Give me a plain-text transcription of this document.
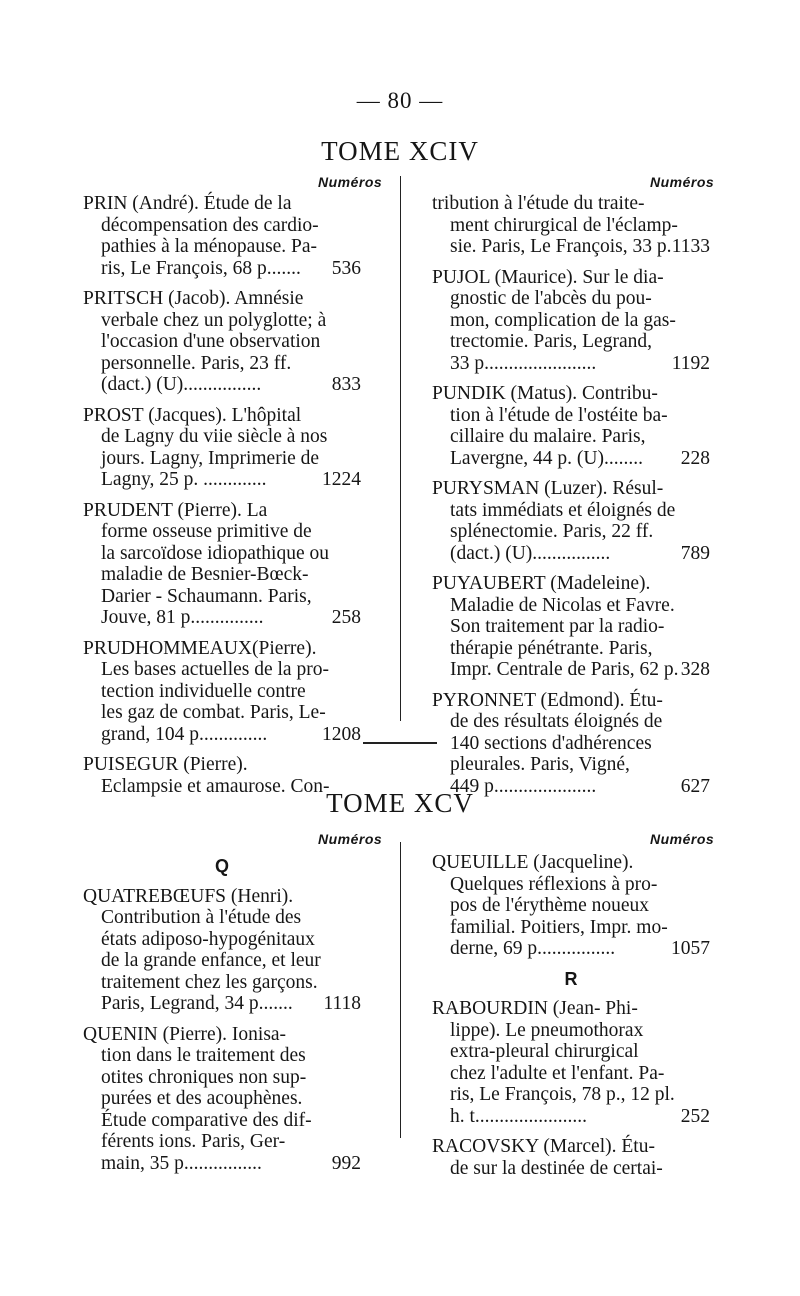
— 80 —
TOME XCIV
Numéros	Numéros
PRIN (André). Étude de la
décompensation des cardio-
pathies à la ménopause. Pa-
ris, Le François, 68 p....... 536
PRITSCH (Jacob). Amnésie
verbale chez un polyglotte; à
l'occasion d'une observation
personnelle. Paris, 23 ff.
(dact.) (U)................	833
PROST (Jacques). L'hôpital
de Lagny du viie siècle à nos
jours. Lagny, Imprimerie de
Lagny, 25 p. .............	1224
PRUDENT (Pierre). La
forme osseuse primitive de
la sarcoïdose idiopathique ou
maladie de Besnier-Bœck-
Darier - Schaumann. Paris,
Jouve, 81 p...............	258
PRUDHOMMEAUX(Pierre).
Les bases actuelles de la pro-
tection individuelle contre
les gaz de combat. Paris, Le-
grand, 104 p..............	1208
PUISEGUR (Pierre).
Eclampsie et amaurose. Con-
tribution à l'étude du traite-
ment chirurgical de l'éclamp-
sie. Paris, Le François, 33 p. 1133
PUJOL (Maurice). Sur le dia-
gnostic de l'abcès du pou-
mon, complication de la gas-
trectomie. Paris, Legrand,
33 p.......................	1192
PUNDIK (Matus). Contribu-
tion à l'étude de l'ostéite ba-
cillaire du malaire. Paris,
Lavergne, 44 p. (U)........ 228
PURYSMAN (Luzer). Résul-
tats immédiats et éloignés de
splénectomie. Paris, 22 ff.
(dact.) (U)................	789
PUYAUBERT (Madeleine).
Maladie de Nicolas et Favre.
Son traitement par la radio-
thérapie pénétrante. Paris,
Impr. Centrale de Paris, 62 p. 328
PYRONNET (Edmond). Étu-
de des résultats éloignés de
140 sections d'adhérences
pleurales. Paris, Vigné,
449 p.....................	627
TOME XCV
Numéros	Numéros
Q
QUATREBŒUFS (Henri).
Contribution à l'étude des
états adiposo-hypogénitaux
de la grande enfance, et leur
traitement chez les garçons.
Paris, Legrand, 34 p....... 1118
QUENIN (Pierre). Ionisa-
tion dans le traitement des
otites chroniques non sup-
purées et des acouphènes.
Étude comparative des dif-
férents ions. Paris, Ger-
main, 35 p................	992
QUEUILLE (Jacqueline).
Quelques réflexions à pro-
pos de l'érythème noueux
familial. Poitiers, Impr. mo-
derne, 69 p................	1057
R
RABOURDIN (Jean- Phi-
lippe). Le pneumothorax
extra-pleural chirurgical
chez l'adulte et l'enfant. Pa-
ris, Le François, 78 p., 12 pl.
h. t.......................	252
RACOVSKY (Marcel). Étu-
de sur la destinée de certai-
